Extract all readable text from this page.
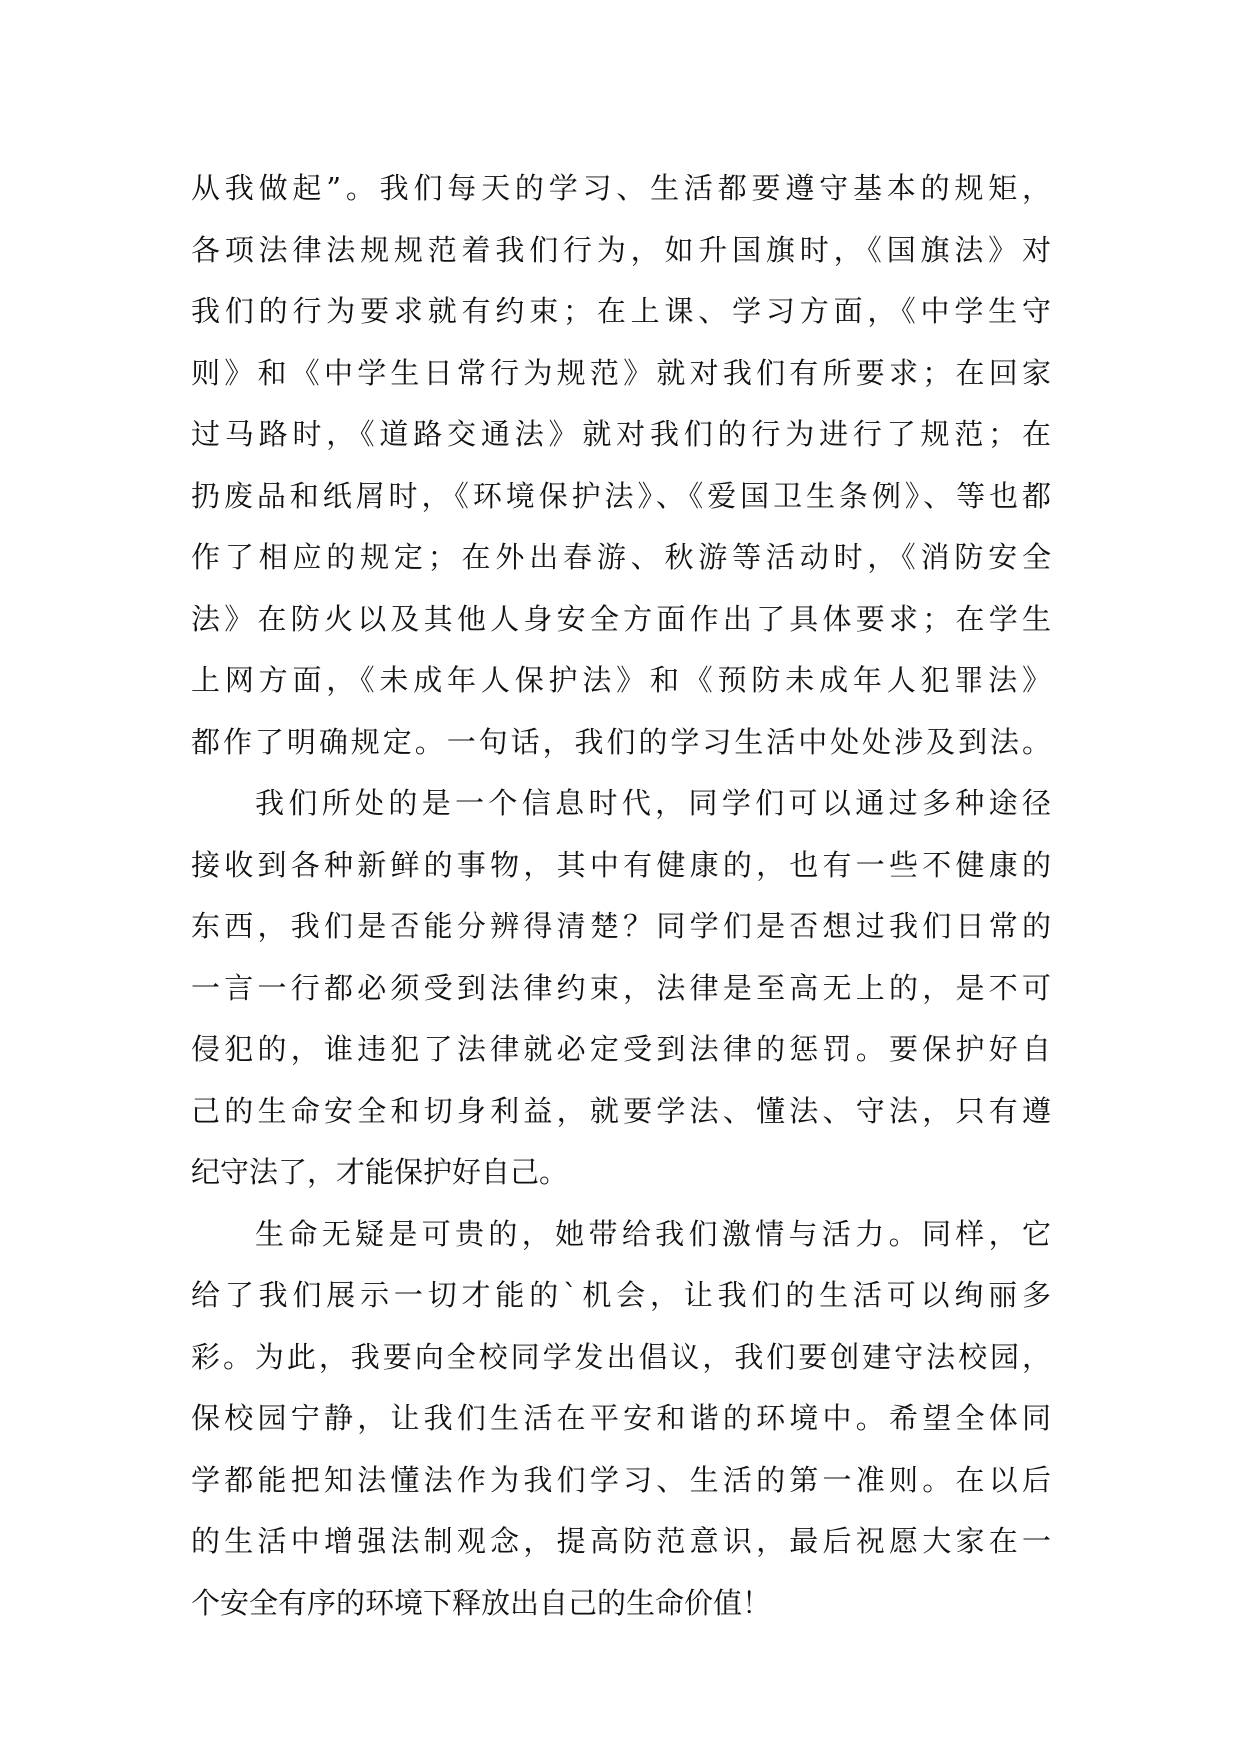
从我做起”。我们每天的学习、生活都要遵守基本的规矩，
各项法律法规规范着我们行为，如升国旗时，《国旗法》对
我们的行为要求就有约束；在上课、学习方面，《中学生守
则》和《中学生日常行为规范》就对我们有所要求；在回家
过马路时，《道路交通法》就对我们的行为进行了规范；在
扔废品和纸屑时，《环境保护法》、《爱国卫生条例》、等也都
作了相应的规定；在外出春游、秋游等活动时，《消防安全
法》在防火以及其他人身安全方面作出了具体要求；在学生
上网方面，《未成年人保护法》和《预防未成年人犯罪法》
都作了明确规定。一句话，我们的学习生活中处处涉及到法。
我们所处的是一个信息时代，同学们可以通过多种途径
接收到各种新鲜的事物，其中有健康的，也有一些不健康的
东西，我们是否能分辨得清楚？同学们是否想过我们日常的
一言一行都必须受到法律约束，法律是至高无上的，是不可
侵犯的，谁违犯了法律就必定受到法律的惩罚。要保护好自
己的生命安全和切身利益，就要学法、懂法、守法，只有遵
纪守法了，才能保护好自己。
生命无疑是可贵的，她带给我们激情与活力。同样，它
给了我们展示一切才能的`机会，让我们的生活可以绚丽多
彩。为此，我要向全校同学发出倡议，我们要创建守法校园，
保校园宁静，让我们生活在平安和谐的环境中。希望全体同
学都能把知法懂法作为我们学习、生活的第一准则。在以后
的生活中增强法制观念，提高防范意识，最后祝愿大家在一
个安全有序的环境下释放出自己的生命价值！
